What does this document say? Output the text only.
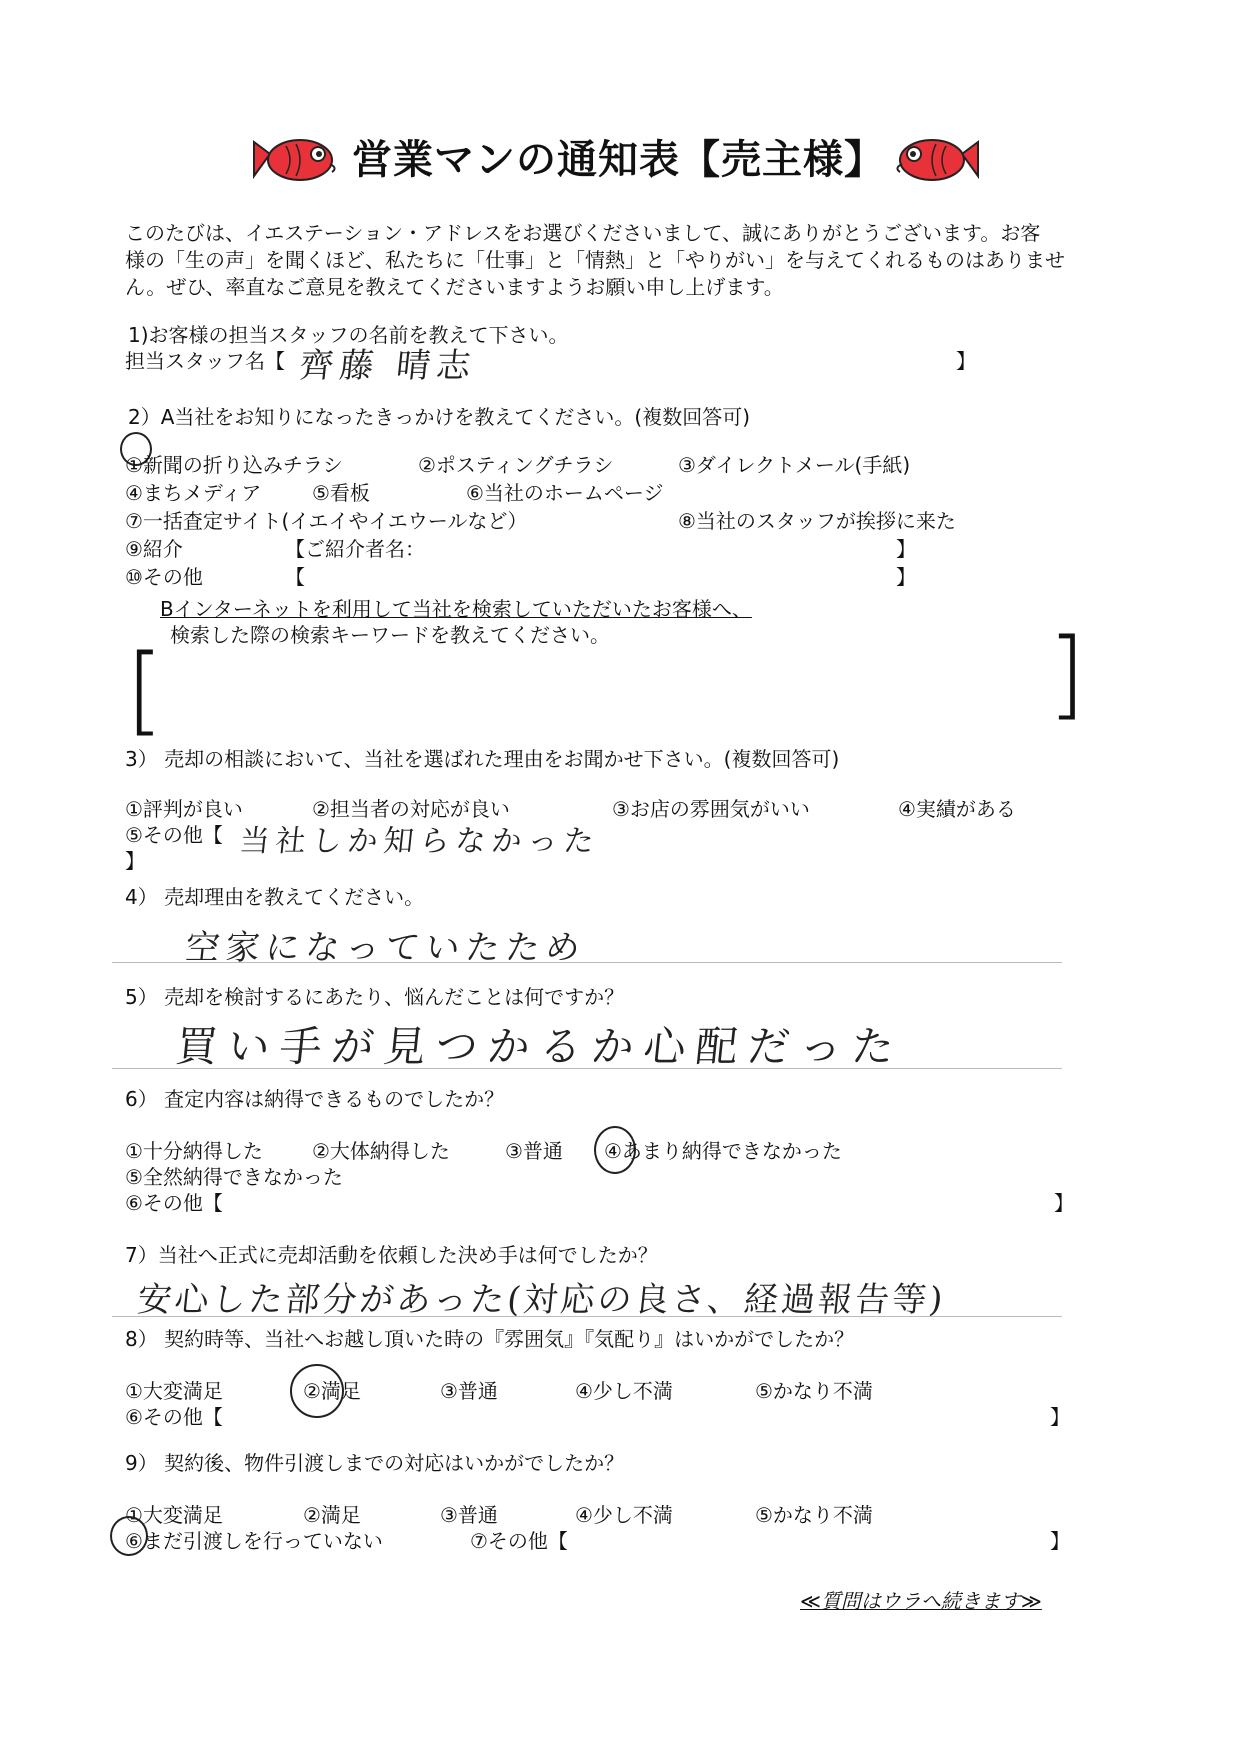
営業マンの通知表【売主様】
このたびは、イエステーション・アドレスをお選びくださいまして、誠にありがとうございます。お客
様の「生の声」を聞くほど、私たちに「仕事」と「情熱」と「やりがい」を与えてくれるものはありませ
ん。ぜひ、率直なご意見を教えてくださいますようお願い申し上げます。
1)お客様の担当スタッフの名前を教えて下さい。
担当スタッフ名【 齊藤 晴志	】
2）A当社をお知りになったきっかけを教えてください。(複数回答可)
①新聞の折り込みチラシ	②ポスティングチラシ	③ダイレクトメール(手紙)
④まちメディア	⑤看板	⑥当社のホームページ
⑦一括査定サイト(イエイやイエウールなど）	⑧当社のスタッフが挨拶に来た
⑨紹介	【ご紹介者名：	】
⑩その他	【	】
Bインターネットを利用して当社を検索していただいたお客様へ、
検索した際の検索キーワードを教えてください。
[	]
3） 売却の相談において、当社を選ばれた理由をお聞かせ下さい。(複数回答可)
①評判が良い	②担当者の対応が良い	③お店の雰囲気がいい	④実績がある
⑤その他【 当社しか知らなかった
】
4） 売却理由を教えてください。
空家になっていたため
5） 売却を検討するにあたり、悩んだことは何ですか？
買い手が見つかるか心配だった
6） 査定内容は納得できるものでしたか？
①十分納得した ②大体納得した	③普通 ④あまり納得できなかった
⑤全然納得できなかった
⑥その他【	】
7）当社へ正式に売却活動を依頼した決め手は何でしたか？
安心した部分があった(対応の良さ、経過報告等)
8） 契約時等、当社へお越し頂いた時の『雰囲気』『気配り』はいかがでしたか？
①大変満足	②満足	③普通	④少し不満	⑤かなり不満
⑥その他【	】
9） 契約後、物件引渡しまでの対応はいかがでしたか？
①大変満足	②満足	③普通	④少し不満	⑤かなり不満
⑥まだ引渡しを行っていない	⑦その他【	】
≪質問はウラへ続きます≫
